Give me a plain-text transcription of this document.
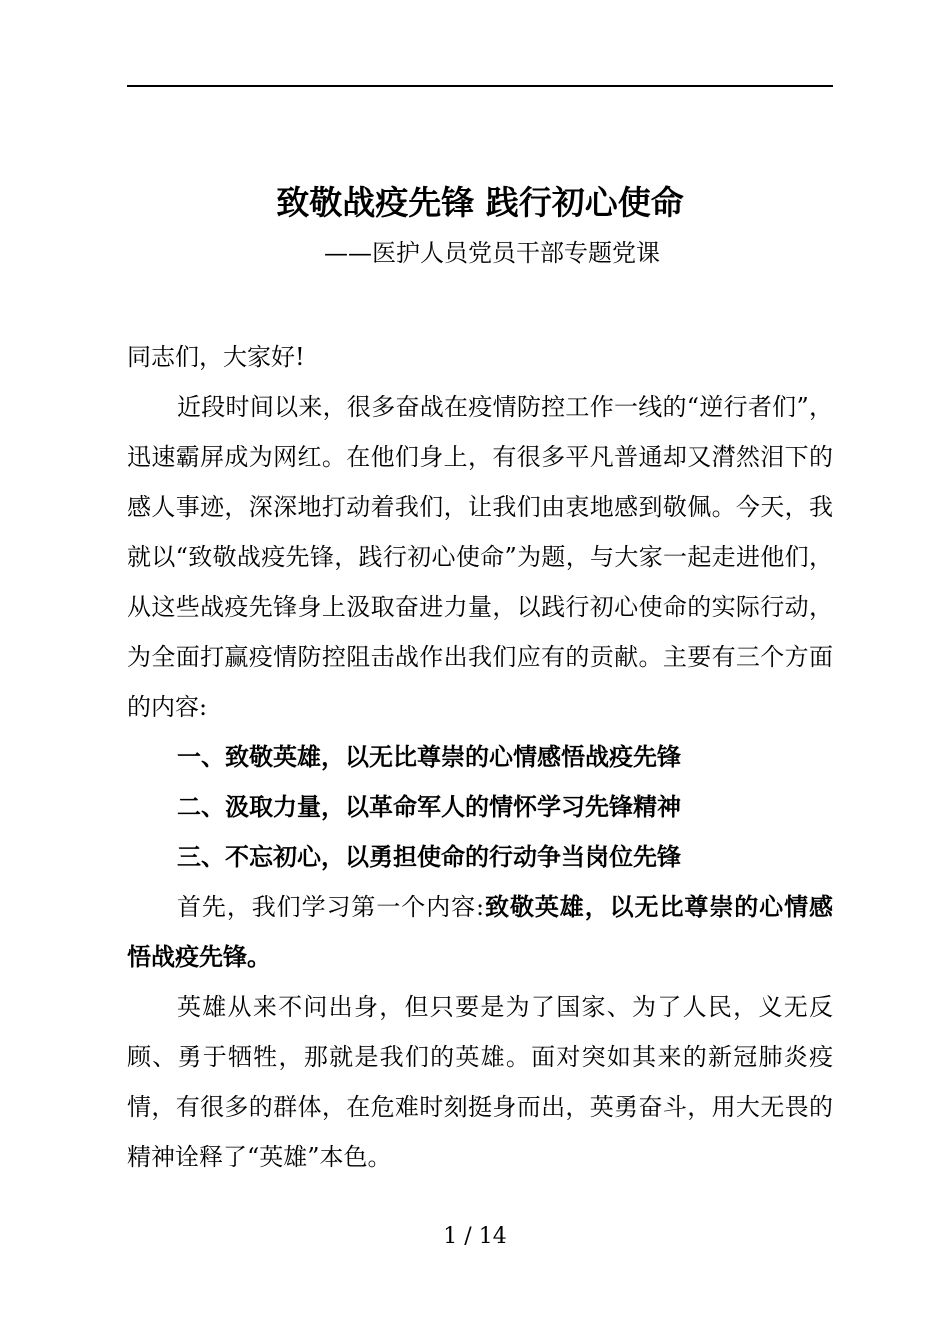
致敬战疫先锋 践行初心使命
——医护人员党员干部专题党课

同志们，大家好!

近段时间以来，很多奋战在疫情防控工作一线的“逆行者们”，迅速霸屏成为网红。在他们身上，有很多平凡普通却又潸然泪下的感人事迹，深深地打动着我们，让我们由衷地感到敬佩。今天，我就以“致敬战疫先锋，践行初心使命”为题，与大家一起走进他们，从这些战疫先锋身上汲取奋进力量，以践行初心使命的实际行动，为全面打赢疫情防控阻击战作出我们应有的贡献。主要有三个方面的内容:

一、致敬英雄，以无比尊崇的心情感悟战疫先锋

二、汲取力量，以革命军人的情怀学习先锋精神

三、不忘初心，以勇担使命的行动争当岗位先锋

首先，我们学习第一个内容:致敬英雄，以无比尊崇的心情感悟战疫先锋。

英雄从来不问出身，但只要是为了国家、为了人民，义无反顾、勇于牺牲，那就是我们的英雄。面对突如其来的新冠肺炎疫情，有很多的群体，在危难时刻挺身而出，英勇奋斗，用大无畏的精神诠释了“英雄”本色。

1 / 14
